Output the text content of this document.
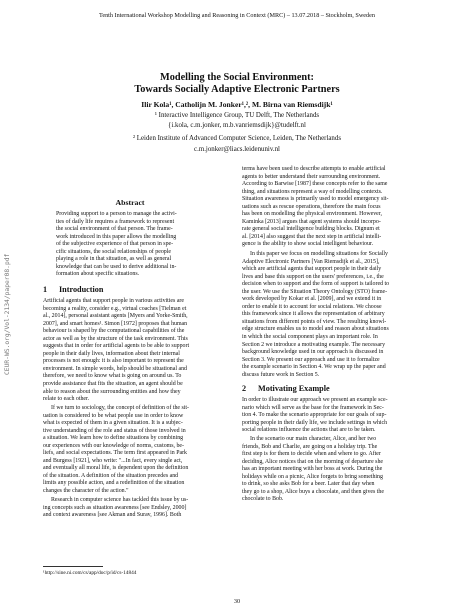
Tenth International Workshop Modelling and Reasoning in Context (MRC) – 13.07.2018 – Stockholm, Sweden
CEUR-WS.org/Vol-2134/paper08.pdf
Modelling the Social Environment:
Towards Socially Adaptive Electronic Partners
Ilir Kola¹, Catholijn M. Jonker¹,², M. Birna van Riemsdijk¹
¹ Interactive Intelligence Group, TU Delft, The Netherlands
{i.kola, c.m.jonker, m.b.vanriemsdijk}@tudelft.nl
² Leiden Institute of Advanced Computer Science, Leiden, The Netherlands
c.m.jonker@liacs.leidenuniv.nl
Abstract
Providing support to a person to manage the activi-
ties of daily life requires a framework to represent
the social environment of that person. The frame-
work introduced in this paper allows the modelling
of the subjective experience of that person in spe-
cific situations, the social relationships of people
playing a role in that situation, as well as general
knowledge that can be used to derive additional in-
formation about specific situations.
1 Introduction
Artificial agents that support people in various activities are
becoming a reality, consider e.g., virtual coaches [Tielman et
al., 2014], personal assistant agents [Myers and Yorke-Smith,
2007], and smart homes¹. Simon [1972] proposes that human
behaviour is shaped by the computational capabilities of the
actor as well as by the structure of the task environment. This
suggests that in order for artificial agents to be able to support
people in their daily lives, information about their internal
processes is not enough: it is also important to represent the
environment. In simple words, help should be situational and
therefore, we need to know what is going on around us. To
provide assistance that fits the situation, an agent should be
able to reason about the surrounding entities and how they
relate to each other.
If we turn to sociology, the concept of definition of the sit-
uation is considered to be what people use in order to know
what is expected of them in a given situation. It is a subjec-
tive understanding of the role and status of those involved in
a situation. We learn how to define situations by combining
our experiences with our knowledge of norms, customs, be-
liefs, and social expectations. The term first appeared in Park
and Burgess [1921], who write: "...In fact, every single act,
and eventually all moral life, is dependent upon the definition
of the situation. A definition of the situation precedes and
limits any possible action, and a redefinition of the situation
changes the character of the action."
Research in computer science has tackled this issue by us-
ing concepts such as situation awareness [see Endsley, 2000]
and context awareness [see Akman and Surav, 1996]. Both
¹http://sine.ni.com/cs/app/doc/p/id/cs-14844
terms have been used to describe attempts to enable artificial
agents to better understand their surrounding environment.
According to Barwise [1987] these concepts refer to the same
thing, and situations represent a way of modelling contexts.
Situation awareness is primarily used to model emergency sit-
uations such as rescue operations, therefore the main focus
has been on modelling the physical environment. However,
Kaminka [2013] argues that agent systems should incorpo-
rate general social intelligence building blocks. Dignum et
al. [2014] also suggest that the next step in artificial intelli-
gence is the ability to show social intelligent behaviour.
In this paper we focus on modelling situations for Socially
Adaptive Electronic Partners [Van Riemsdijk et al., 2015],
which are artificial agents that support people in their daily
lives and base this support on the users' preferences, i.e., the
decision when to support and the form of support is tailored to
the user. We use the Situation Theory Ontology (STO) frame-
work developed by Kokar et al. [2009], and we extend it in
order to enable it to account for social relations. We choose
this framework since it allows the representation of arbitrary
situations from different points of view. The resulting knowl-
edge structure enables us to model and reason about situations
in which the social component plays an important role. In
Section 2 we introduce a motivating example. The necessary
background knowledge used in our approach is discussed in
Section 3. We present our approach and use it to formalize
the example scenario in Section 4. We wrap up the paper and
discuss future work in Section 5.
2 Motivating Example
In order to illustrate our approach we present an example sce-
nario which will serve as the base for the framework in Sec-
tion 4. To make the scenario appropriate for our goals of sup-
porting people in their daily life, we include settings in which
social relations influence the actions that are to be taken.
In the scenario our main character, Alice, and her two
friends, Bob and Charlie, are going on a holiday trip. The
first step is for them to decide when and where to go. After
deciding, Alice notices that on the morning of departure she
has an important meeting with her boss at work. During the
holidays while on a picnic, Alice forgets to bring something
to drink, so she asks Bob for a beer. Later that day when
they go to a shop, Alice buys a chocolate, and then gives the
chocolate to Bob.
30
